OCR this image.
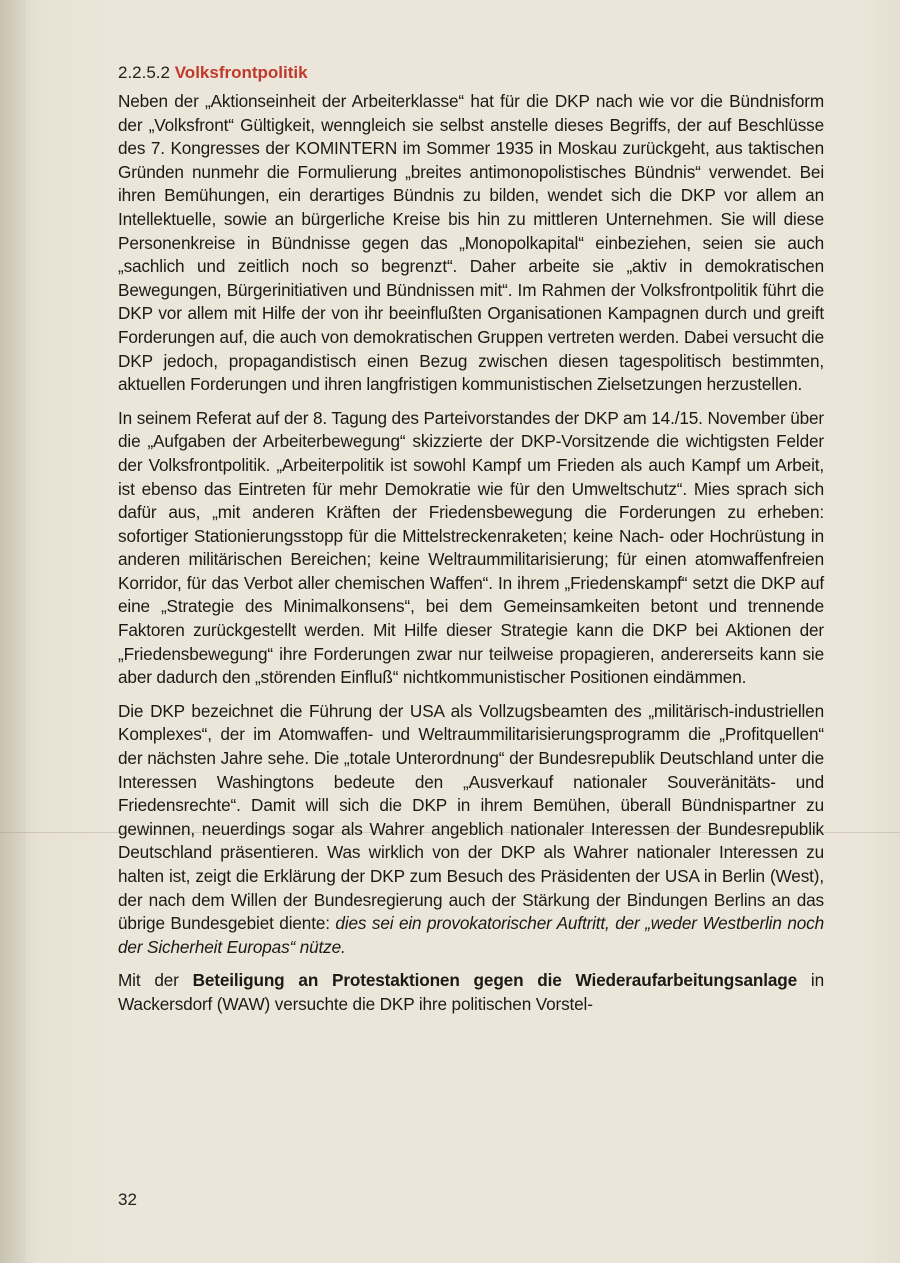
2.2.5.2 Volksfrontpolitik

Neben der „Aktionseinheit der Arbeiterklasse“ hat für die DKP nach wie vor die Bündnisform der „Volksfront“ Gültigkeit, wenngleich sie selbst anstelle dieses Begriffs, der auf Beschlüsse des 7. Kongresses der KOMINTERN im Sommer 1935 in Moskau zurückgeht, aus taktischen Gründen nunmehr die Formulierung „breites antimonopolistisches Bündnis“ verwendet. Bei ihren Bemühungen, ein derartiges Bündnis zu bilden, wendet sich die DKP vor allem an Intellektuelle, sowie an bürgerliche Kreise bis hin zu mittleren Unternehmen. Sie will diese Personenkreise in Bündnisse gegen das „Monopolkapital“ einbeziehen, seien sie auch „sachlich und zeitlich noch so begrenzt“. Daher arbeite sie „aktiv in demokratischen Bewegungen, Bürgerinitiativen und Bündnissen mit“. Im Rahmen der Volksfrontpolitik führt die DKP vor allem mit Hilfe der von ihr beeinflußten Organisationen Kampagnen durch und greift Forderungen auf, die auch von demokratischen Gruppen vertreten werden. Dabei versucht die DKP jedoch, propagandistisch einen Bezug zwischen diesen tagespolitisch bestimmten, aktuellen Forderungen und ihren langfristigen kommunistischen Zielsetzungen herzustellen.

In seinem Referat auf der 8. Tagung des Parteivorstandes der DKP am 14./15. November über die „Aufgaben der Arbeiterbewegung“ skizzierte der DKP-Vorsitzende die wichtigsten Felder der Volksfrontpolitik. „Arbeiterpolitik ist sowohl Kampf um Frieden als auch Kampf um Arbeit, ist ebenso das Eintreten für mehr Demokratie wie für den Umweltschutz“. Mies sprach sich dafür aus, „mit anderen Kräften der Friedensbewegung die Forderungen zu erheben: sofortiger Stationierungsstopp für die Mittelstreckenraketen; keine Nach- oder Hochrüstung in anderen militärischen Bereichen; keine Weltraummilitarisierung; für einen atomwaffenfreien Korridor, für das Verbot aller chemischen Waffen“. In ihrem „Friedenskampf“ setzt die DKP auf eine „Strategie des Minimalkonsens“, bei dem Gemeinsamkeiten betont und trennende Faktoren zurückgestellt werden. Mit Hilfe dieser Strategie kann die DKP bei Aktionen der „Friedensbewegung“ ihre Forderungen zwar nur teilweise propagieren, andererseits kann sie aber dadurch den „störenden Einfluß“ nichtkommunistischer Positionen eindämmen.

Die DKP bezeichnet die Führung der USA als Vollzugsbeamten des „militärisch-industriellen Komplexes“, der im Atomwaffen- und Weltraummilitarisierungsprogramm die „Profitquellen“ der nächsten Jahre sehe. Die „totale Unterordnung“ der Bundesrepublik Deutschland unter die Interessen Washingtons bedeute den „Ausverkauf nationaler Souveränitäts- und Friedensrechte“. Damit will sich die DKP in ihrem Bemühen, überall Bündnispartner zu gewinnen, neuerdings sogar als Wahrer angeblich nationaler Interessen der Bundesrepublik Deutschland präsentieren. Was wirklich von der DKP als Wahrer nationaler Interessen zu halten ist, zeigt die Erklärung der DKP zum Besuch des Präsidenten der USA in Berlin (West), der nach dem Willen der Bundesregierung auch der Stärkung der Bindungen Berlins an das übrige Bundesgebiet diente: dies sei ein provokatorischer Auftritt, der „weder Westberlin noch der Sicherheit Europas“ nütze.

Mit der Beteiligung an Protestaktionen gegen die Wiederaufarbeitungsanlage in Wackersdorf (WAW) versuchte die DKP ihre politischen Vorstel-

32
